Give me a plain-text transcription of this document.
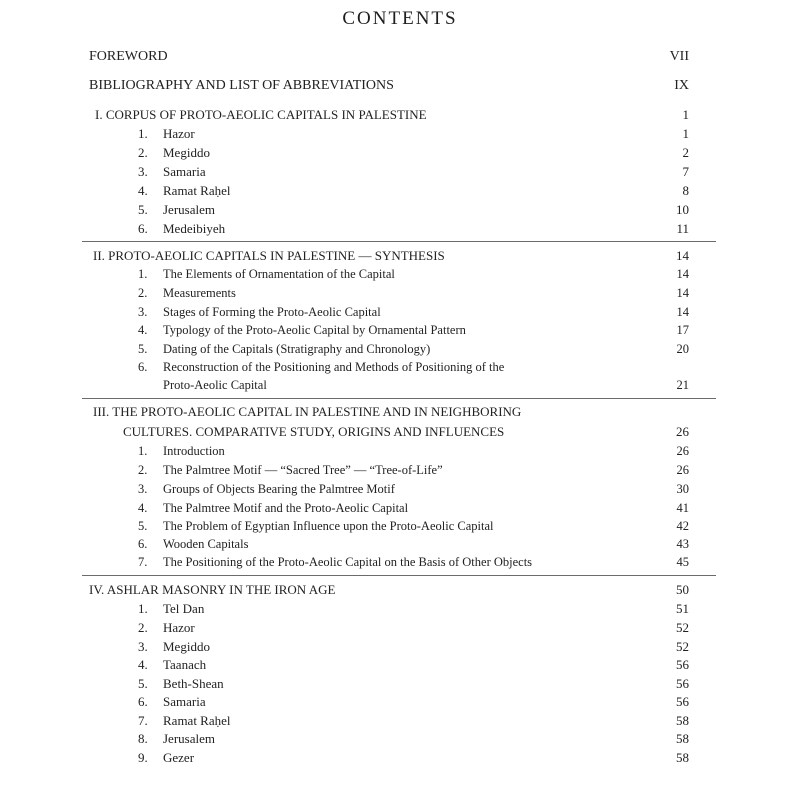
CONTENTS
FOREWORD	VII
BIBLIOGRAPHY AND LIST OF ABBREVIATIONS	IX
I. CORPUS OF PROTO-AEOLIC CAPITALS IN PALESTINE	1
1. Hazor	1
2. Megiddo	2
3. Samaria	7
4. Ramat Raḥel	8
5. Jerusalem	10
6. Medeibiyeh	11
II. PROTO-AEOLIC CAPITALS IN PALESTINE — SYNTHESIS	14
1. The Elements of Ornamentation of the Capital	14
2. Measurements	14
3. Stages of Forming the Proto-Aeolic Capital	14
4. Typology of the Proto-Aeolic Capital by Ornamental Pattern	17
5. Dating of the Capitals (Stratigraphy and Chronology)	20
6. Reconstruction of the Positioning and Methods of Positioning of the
Proto-Aeolic Capital	21
III. THE PROTO-AEOLIC CAPITAL IN PALESTINE AND IN NEIGHBORING
CULTURES. COMPARATIVE STUDY, ORIGINS AND INFLUENCES	26
1. Introduction	26
2. The Palmtree Motif — “Sacred Tree” — “Tree-of-Life”	26
3. Groups of Objects Bearing the Palmtree Motif	30
4. The Palmtree Motif and the Proto-Aeolic Capital	41
5. The Problem of Egyptian Influence upon the Proto-Aeolic Capital	42
6. Wooden Capitals	43
7. The Positioning of the Proto-Aeolic Capital on the Basis of Other Objects	45
IV. ASHLAR MASONRY IN THE IRON AGE	50
1. Tel Dan	51
2. Hazor	52
3. Megiddo	52
4. Taanach	56
5. Beth-Shean	56
6. Samaria	56
7. Ramat Raḥel	58
8. Jerusalem	58
9. Gezer	58
